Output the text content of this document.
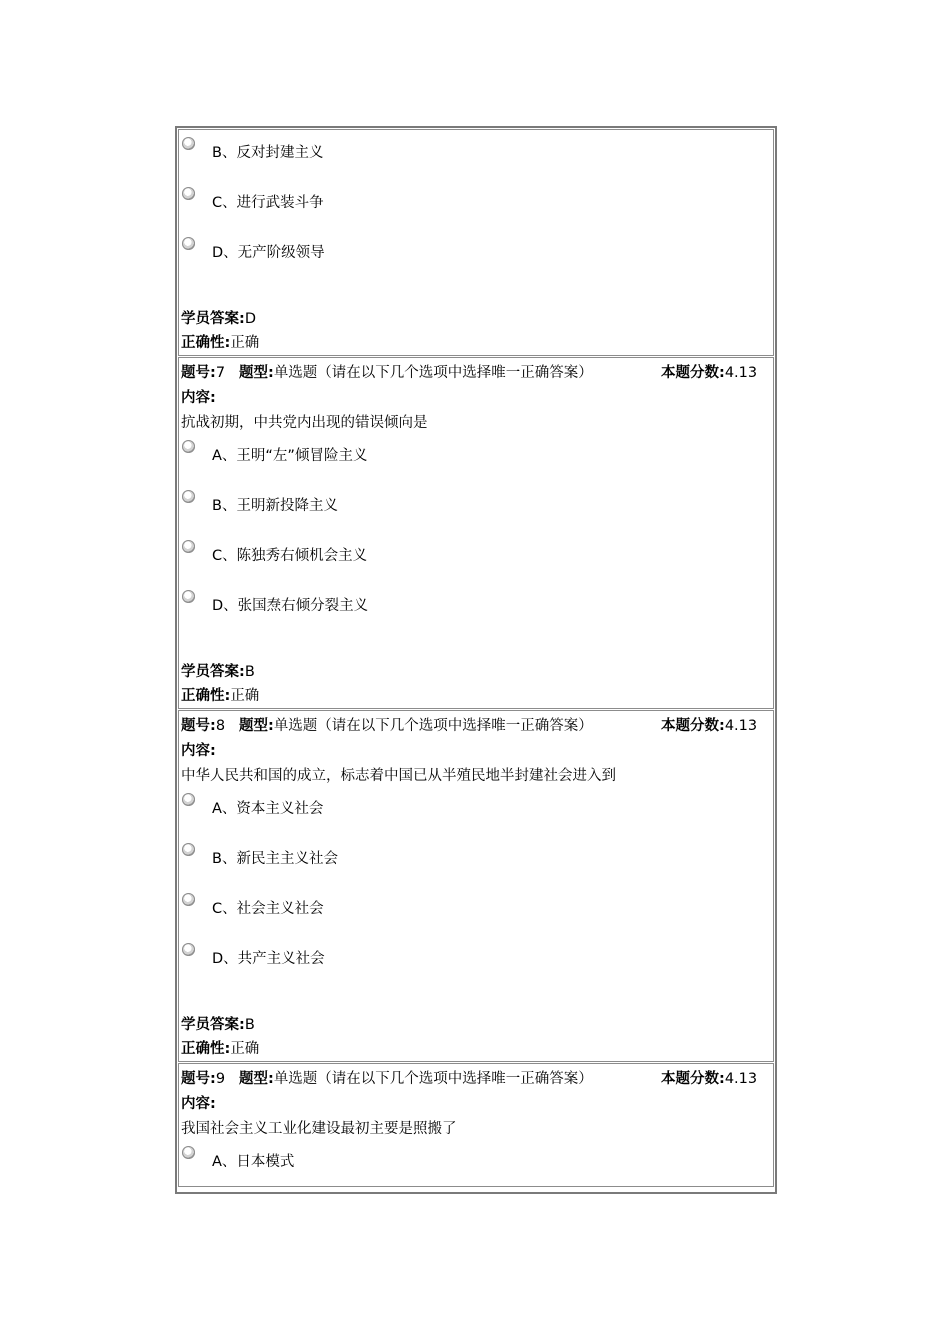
B、反对封建主义
C、进行武装斗争
D、无产阶级领导
学员答案:D
正确性:正确
题号:7 题型:单选题（请在以下几个选项中选择唯一正确答案）	本题分数:4.13
内容:
抗战初期，中共党内出现的错误倾向是
A、王明“左”倾冒险主义
B、王明新投降主义
C、陈独秀右倾机会主义
D、张国焘右倾分裂主义
学员答案:B
正确性:正确
题号:8 题型:单选题（请在以下几个选项中选择唯一正确答案）	本题分数:4.13
内容:
中华人民共和国的成立，标志着中国已从半殖民地半封建社会进入到
A、资本主义社会
B、新民主主义社会
C、社会主义社会
D、共产主义社会
学员答案:B
正确性:正确
题号:9 题型:单选题（请在以下几个选项中选择唯一正确答案）	本题分数:4.13
内容:
我国社会主义工业化建设最初主要是照搬了
A、日本模式
